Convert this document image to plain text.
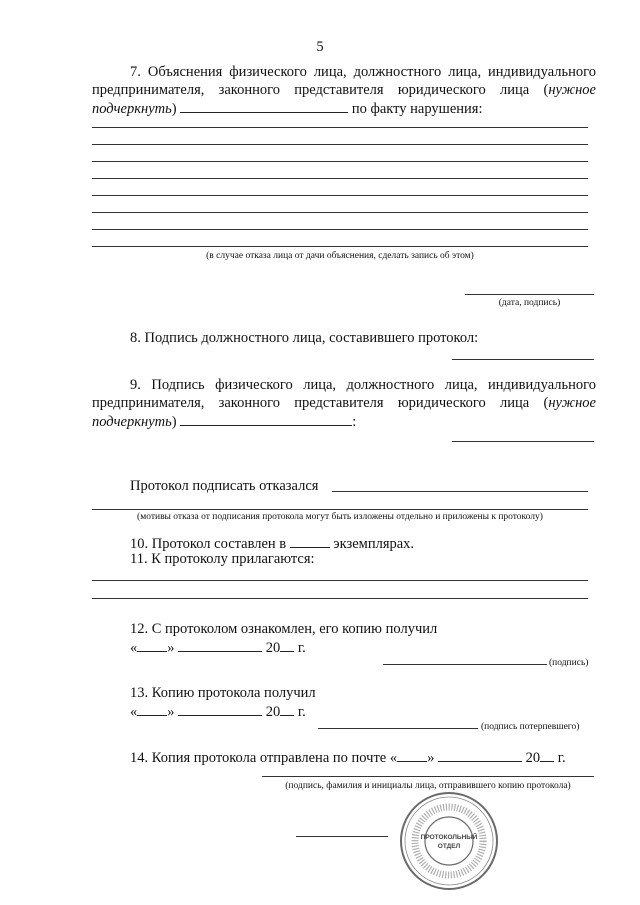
5
7. Объяснения физического лица, должностного лица, индивидуального
предпринимателя, законного представителя юридического лица (нужное
подчеркнуть)	по факту нарушения:
(в случае отказа лица от дачи объяснения, сделать запись об этом)
(дата, подпись)
8. Подпись должностного лица, составившего протокол:
9. Подпись физического лица, должностного лица, индивидуального
предпринимателя, законного представителя юридического лица (нужное
подчеркнуть)	:
Протокол подписать отказался
(мотивы отказа от подписания протокола могут быть изложены отдельно и приложены к протоколу)
10. Протокол составлен в	экземплярах.
11. К протоколу прилагаются:
12. С протоколом ознакомлен, его копию получил
« »	20 г.
(подпись)
13. Копию протокола получил
« »	20 г.
(подпись потерпевшего)
14. Копия протокола отправлена по почте « »	20 г.
(подпись, фамилия и инициалы лица, отправившего копию протокола)
ПРОТОКОЛЬНЫЙ
ОТДЕЛ
